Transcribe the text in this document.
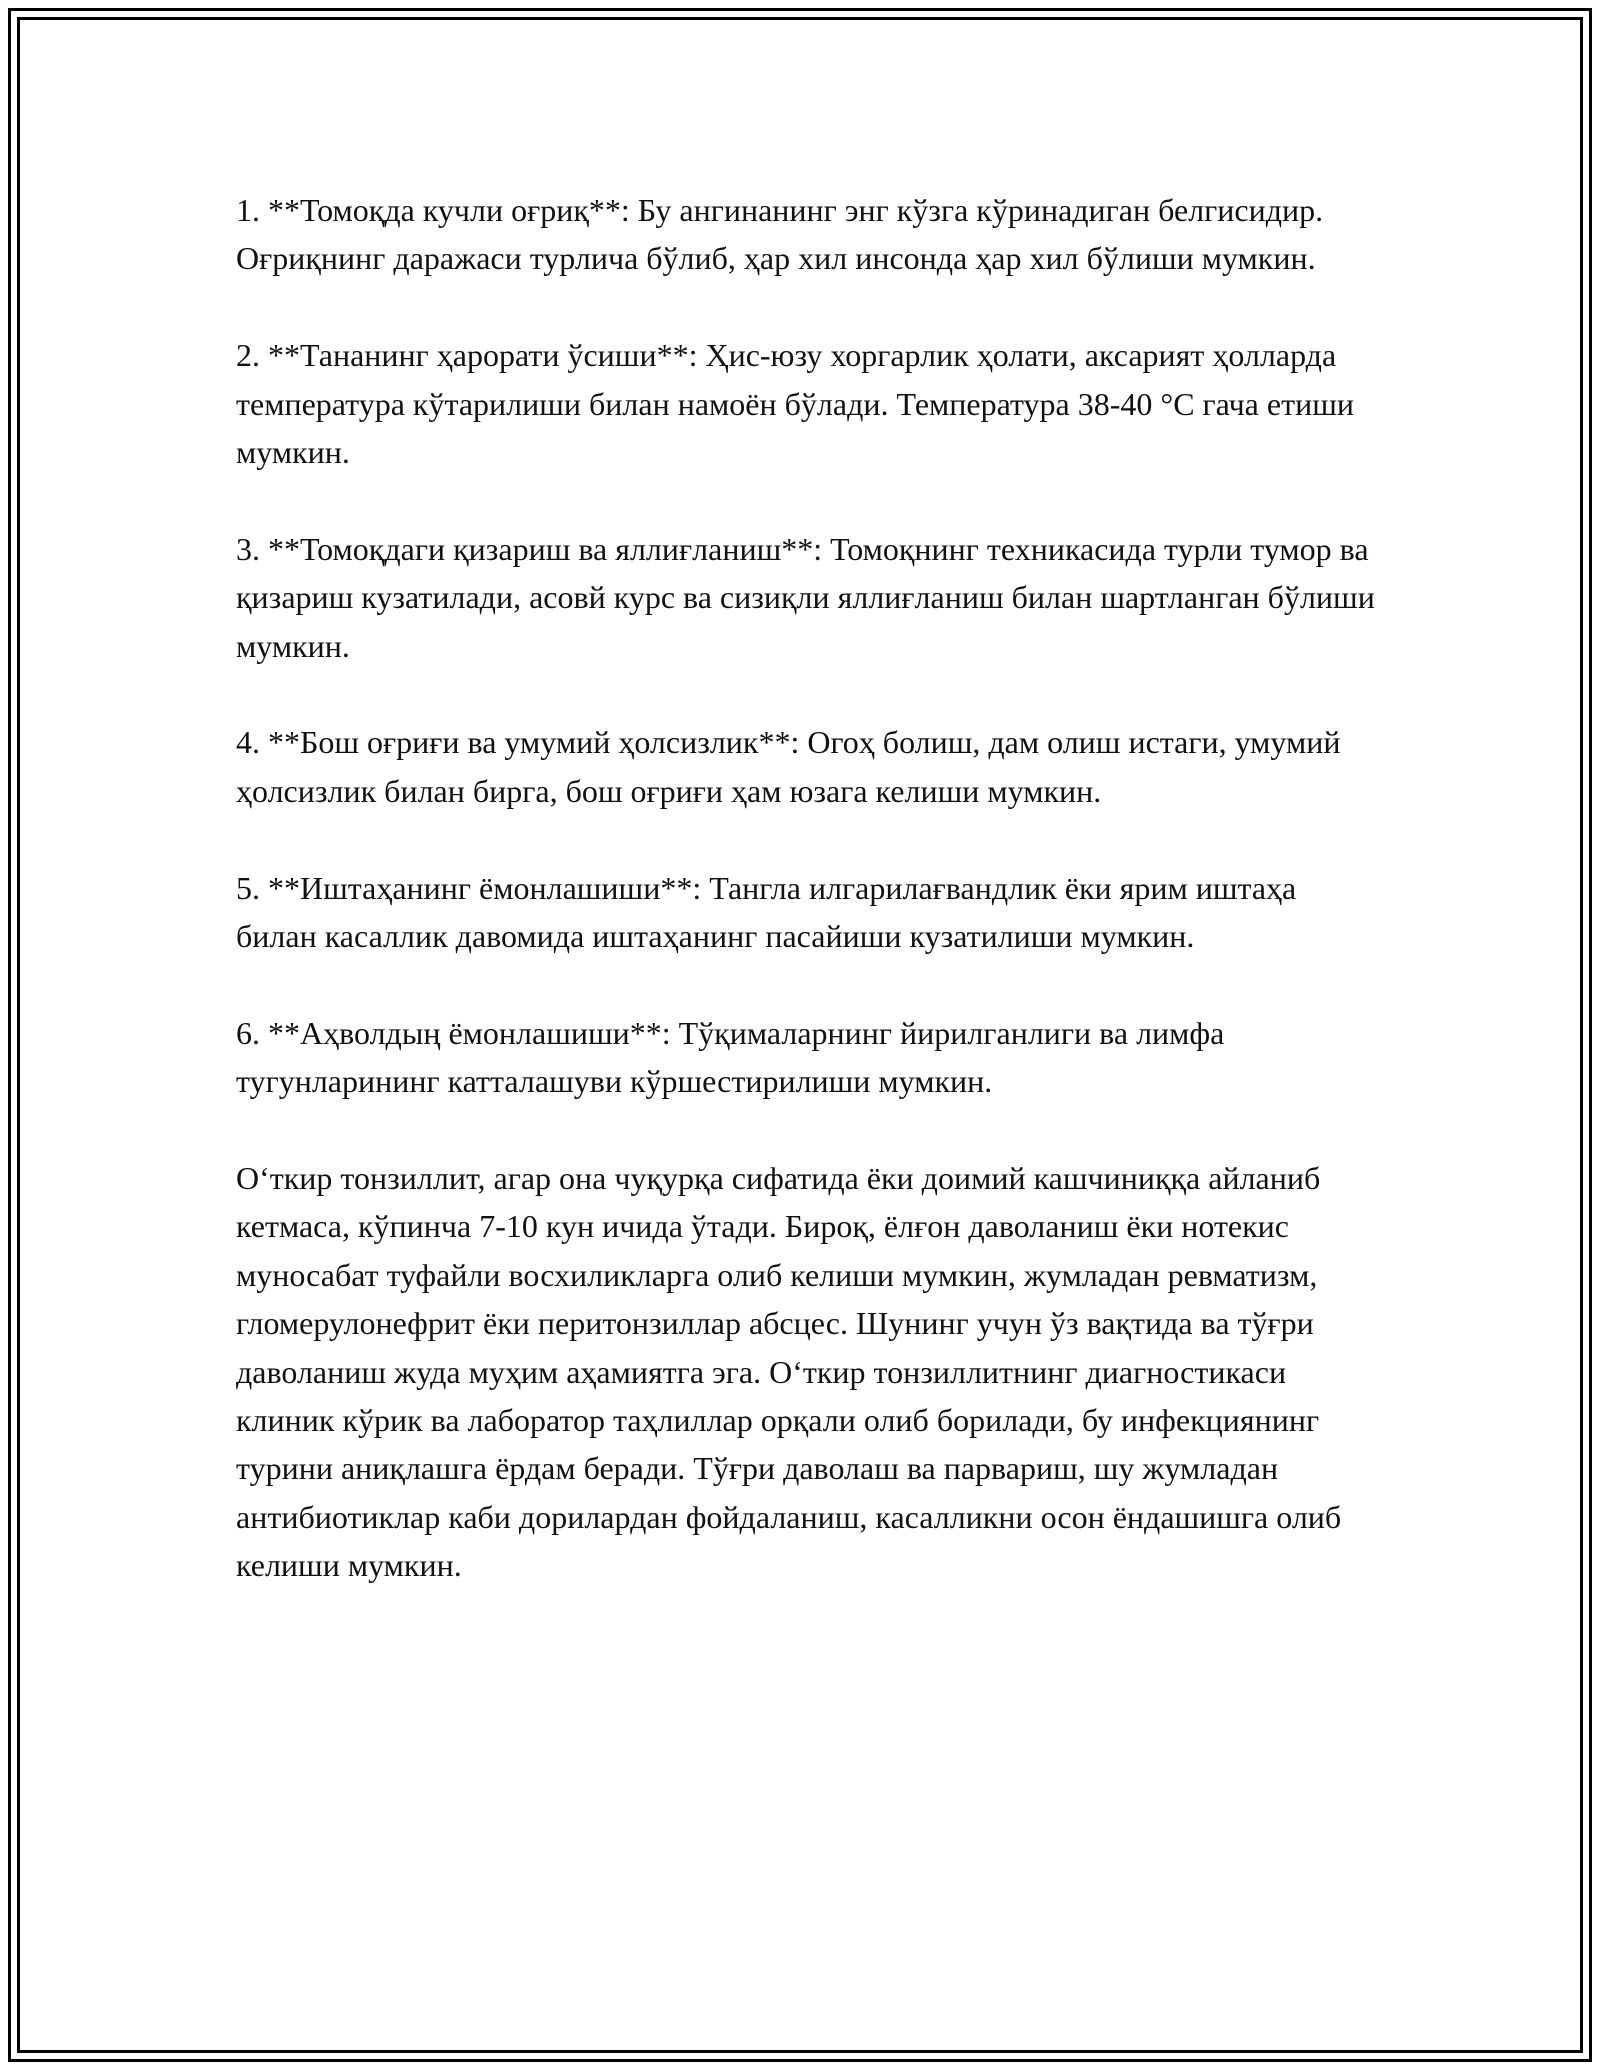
1. **Томоқда кучли оғриқ**: Бу ангинанинг энг кўзга кўринадиган белгисидир. Оғриқнинг даражаси турлича бўлиб, ҳар хил инсонда ҳар хил бўлиши мумкин.

2. **Тананинг ҳарорати ўсиши**: Ҳис-юзу хоргарлик ҳолати, аксарият ҳолларда температура кўтарилиши билан намоён бўлади. Температура 38-40 °C гача етиши мумкин.

3. **Томоқдаги қизариш ва яллиғланиш**: Томоқнинг техникасида турли тумор ва қизариш кузатилади, асовй курс ва сизиқли яллиғланиш билан шартланган бўлиши мумкин.

4. **Бош оғриғи ва умумий ҳолсизлик**: Огоҳ болиш, дам олиш истаги, умумий ҳолсизлик билан бирга, бош оғриғи ҳам юзага келиши мумкин.

5. **Иштаҳанинг ёмонлашиши**: Тангла илгарилағвандлик ёки ярим иштаҳа билан касаллик давомида иштаҳанинг пасайиши кузатилиши мумкин.

6. **Аҳволдың ёмонлашиши**: Тўқималарнинг йирилганлиги ва лимфа тугунларининг катталашуви кўршестирилиши мумкин.

Оʻткир тонзиллит, агар она чуқурқа сифатида ёки доимий кашчиниққа айланиб кетмаса, кўпинча 7-10 кун ичида ўтади. Бироқ, ёлғон даволаниш ёки нотекис муносабат туфайли восхиликларга олиб келиши мумкин, жумладан ревматизм, гломерулонефрит ёки перитонзиллар абсцес. Шунинг учун ўз вақтида ва тўғри даволаниш жуда муҳим аҳамиятга эга. Оʻткир тонзиллитнинг диагностикаси клиник кўрик ва лаборатор таҳлиллар орқали олиб борилади, бу инфекциянинг турини аниқлашга ёрдам беради. Тўғри даволаш ва парвариш, шу жумладан антибиотиклар каби дорилардан фойдаланиш, касалликни осон ёндашишга олиб келиши мумкин.
